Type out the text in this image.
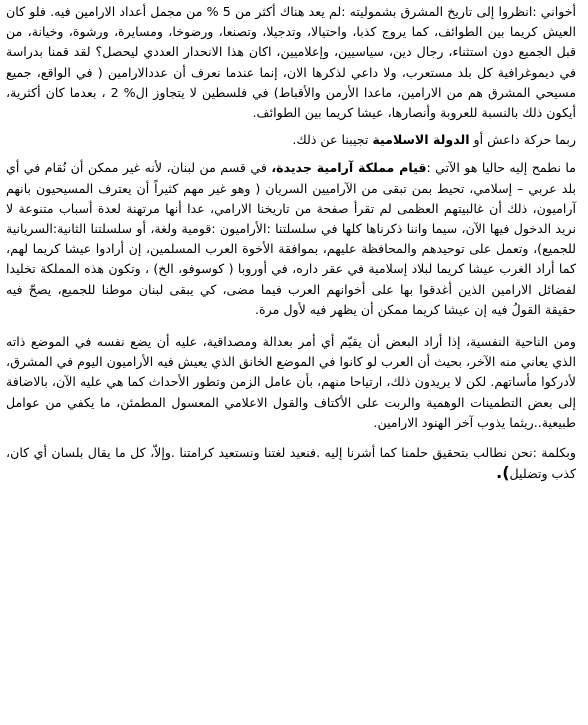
أخواني :انظروا إلى تاريخ المشرق بشموليته :لم يعد هناك أكثر من 5 % من مجمل أعداد الارامين فيه. فلو كان العيش كريما بين الطوائف، كما يروج كذبا، واحتيالا، وتدجيلا، وتصنعا، ورضوخا، ومسايرة، ورشوة، وخيانة، من قبل الجميع دون استثناء، رجال دين، سياسيين، وإعلاميين، اكان هذا الانحدار العددي ليحصل؟ لقد قمنا بدراسة في ديموغرافية كل بلد مستعرب، ولا داعي لذكرها الان، إنما عندما نعرف أن عددالارامين ( في الواقع، جميع مسيحي المشرق هم من الارامين، ماعدا الأرمن والأقباط) في فلسطين لا يتجاوز ال% 2 ، بعدما كان أكثرية، أيكون ذلك بالنسبة للعروبة وأنصارها، عيشا كريما بين الطوائف.

ربما حركة داعش أو الدولة الاسلامية تجيبنا عن ذلك.

ما نطمح إليه حاليا هو الآتي :قيام مملكة آرامية جديدة، في قسم من لبنان، لأنه غير ممكن أن نُقام في أي بلد عربي – إسلامي، تحيط بمن تبقى من الآراميين السريان ( وهو غير مهم كثيراً أن يعترف المسيحيون بانهم آراميون، ذلك أن غالبيتهم العظمى لم تقرأ صفحة من تاريخنا الارامي، عدا أنها مرتهنة لعدة أسباب متنوعة لا نريد الدخول فيها الآن، سيما واننا ذكرناها كلها في سلسلتنا :الأراميون :قومية ولغة، أو سلسلتنا الثانية:السريانية للجميع)، وتعمل على توحيدهم والمحافظة عليهم، بموافقة الأخوة العرب المسلمين، إن أرادوا عيشا كريما لهم، كما أراد الغرب عيشا كريما لبلاد إسلامية في عقر داره، في أوروبا ( كوسوفو، الخ) ، وتكون هذه المملكة تخليدا لفضائل الارامين الذين أغدقوا بها على أخوانهم العرب فيما مضى، كي يبقى لبنان موطنا للجميع، يصحّ فيه حقيقة القولُ فيه إن عيشا كريما ممكن أن يظهر فيه لأول مرة.

ومن الناحية النفسية، إذا أراد البعض أن يقيّم أي أمر بعدالة ومصداقية، عليه أن يضع نفسه في الموضع ذاته الذي يعاني منه الآخر، بحيث أن العرب لو كانوا في الموضع الخانق الذي يعيش فيه الأراميون اليوم في المشرق، لأدركوا مأساتهم. لكن لا يريدون ذلك، ارتياحا منهم، بأن عامل الزمن وتطور الأحداث كما هي عليه الآن، بالاضافة إلى بعض التطمينات الوهمية والربت على الأكتاف والقول الاعلامي المعسول المطمئن، ما يكفي من عوامل طبيعية..ريثما يذوب آخر الهنود الارامين.

وبكلمة :نحن نطالب بتحقيق حلمنا كما أشرنا إليه .فنعيد لغتنا ونستعيد كرامتنا .وإلاّ، كل ما يقال بلسان أي كان، كذب وتضليل).
